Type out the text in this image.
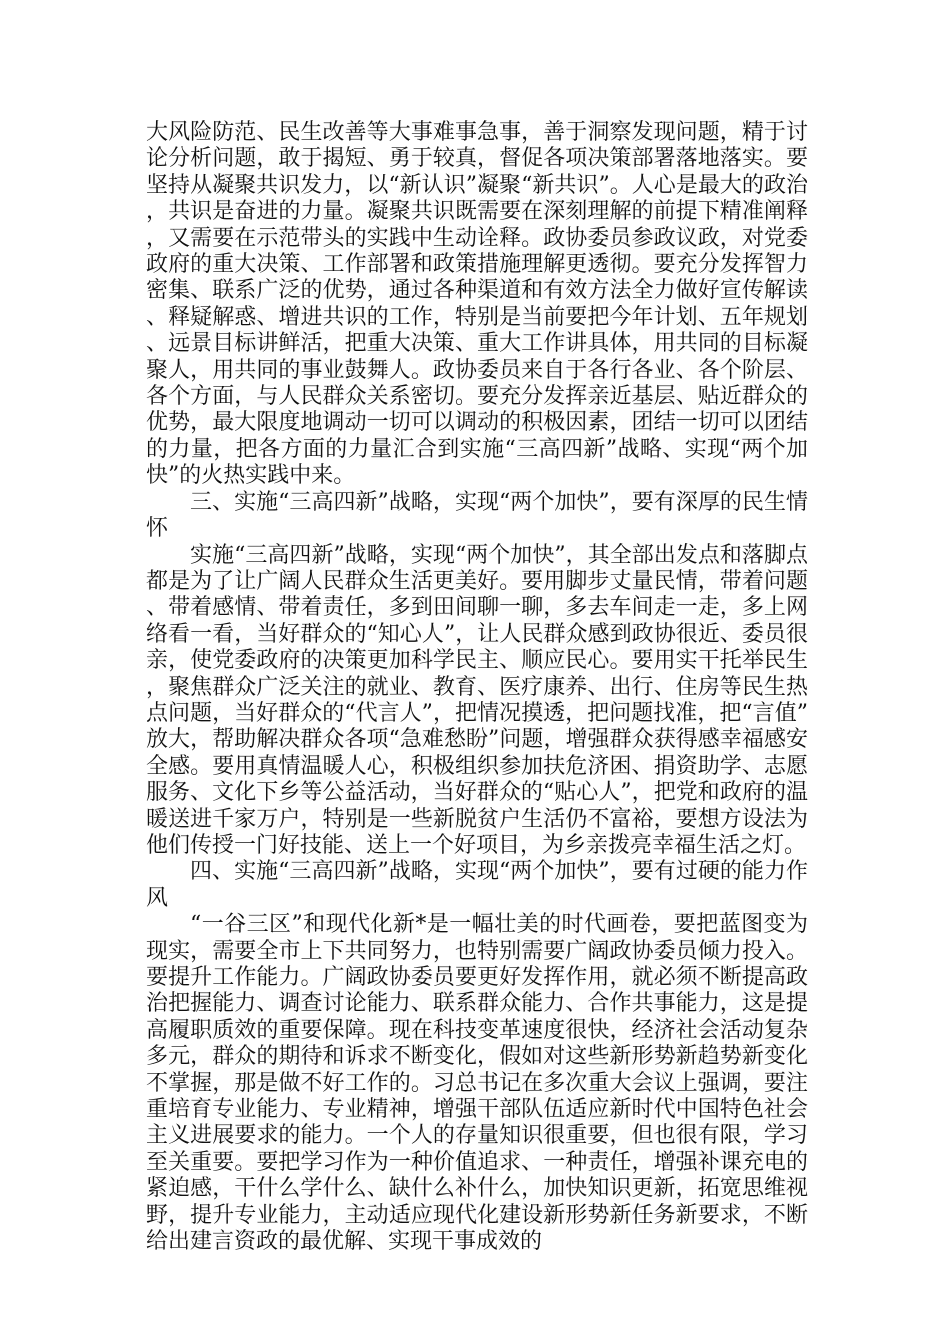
大风险防范、民生改善等大事难事急事，善于洞察发现问题，精于讨论分析问题，敢于揭短、勇于较真，督促各项决策部署落地落实。要坚持从凝聚共识发力，以“新认识”凝聚“新共识”。人心是最大的政治，共识是奋进的力量。凝聚共识既需要在深刻理解的前提下精准阐释，又需要在示范带头的实践中生动诠释。政协委员参政议政，对党委政府的重大决策、工作部署和政策措施理解更透彻。要充分发挥智力密集、联系广泛的优势，通过各种渠道和有效方法全力做好宣传解读、释疑解惑、增进共识的工作，特别是当前要把今年计划、五年规划、远景目标讲鲜活，把重大决策、重大工作讲具体，用共同的目标凝聚人，用共同的事业鼓舞人。政协委员来自于各行各业、各个阶层、各个方面，与人民群众关系密切。要充分发挥亲近基层、贴近群众的优势，最大限度地调动一切可以调动的积极因素，团结一切可以团结的力量，把各方面的力量汇合到实施“三高四新”战略、实现“两个加快”的火热实践中来。

三、实施“三高四新”战略，实现“两个加快”，要有深厚的民生情怀

实施“三高四新”战略，实现“两个加快”，其全部出发点和落脚点都是为了让广阔人民群众生活更美好。要用脚步丈量民情，带着问题、带着感情、带着责任，多到田间聊一聊，多去车间走一走，多上网络看一看，当好群众的“知心人”，让人民群众感到政协很近、委员很亲，使党委政府的决策更加科学民主、顺应民心。要用实干托举民生，聚焦群众广泛关注的就业、教育、医疗康养、出行、住房等民生热点问题，当好群众的“代言人”，把情况摸透，把问题找准，把“言值”放大，帮助解决群众各项“急难愁盼”问题，增强群众获得感幸福感安全感。要用真情温暖人心，积极组织参加扶危济困、捐资助学、志愿服务、文化下乡等公益活动，当好群众的“贴心人”，把党和政府的温暖送进千家万户，特别是一些新脱贫户生活仍不富裕，要想方设法为他们传授一门好技能、送上一个好项目，为乡亲拨亮幸福生活之灯。

四、实施“三高四新”战略，实现“两个加快”，要有过硬的能力作风

“一谷三区”和现代化新*是一幅壮美的时代画卷，要把蓝图变为现实，需要全市上下共同努力，也特别需要广阔政协委员倾力投入。要提升工作能力。广阔政协委员要更好发挥作用，就必须不断提高政治把握能力、调查讨论能力、联系群众能力、合作共事能力，这是提高履职质效的重要保障。现在科技变革速度很快，经济社会活动复杂多元，群众的期待和诉求不断变化，假如对这些新形势新趋势新变化不掌握，那是做不好工作的。习总书记在多次重大会议上强调，要注重培育专业能力、专业精神，增强干部队伍适应新时代中国特色社会主义进展要求的能力。一个人的存量知识很重要，但也很有限，学习至关重要。要把学习作为一种价值追求、一种责任，增强补课充电的紧迫感，干什么学什么、缺什么补什么，加快知识更新，拓宽思维视野，提升专业能力，主动适应现代化建设新形势新任务新要求，不断给出建言资政的最优解、实现干事成效的
